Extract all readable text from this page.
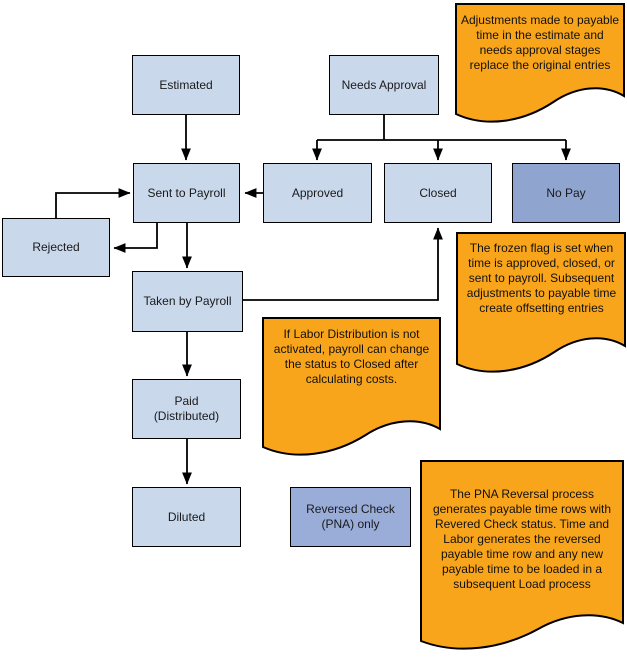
Estimated	Needs Approval
Sent to Payroll	Approved	Closed	No Pay
Rejected
Taken by Payroll
Paid (Distributed)
Diluted
Reversed Check (PNA) only
Adjustments made to payable time in the estimate and needs approval stages replace the original entries
The frozen flag is set when time is approved, closed, or sent to payroll. Subsequent adjustments to payable time create offsetting entries
If Labor Distribution is not activated, payroll can change the status to Closed after calculating costs.
The PNA Reversal process generates payable time rows with Revered Check status. Time and Labor generates the reversed payable time row and any new payable time to be loaded in a subsequent Load process
